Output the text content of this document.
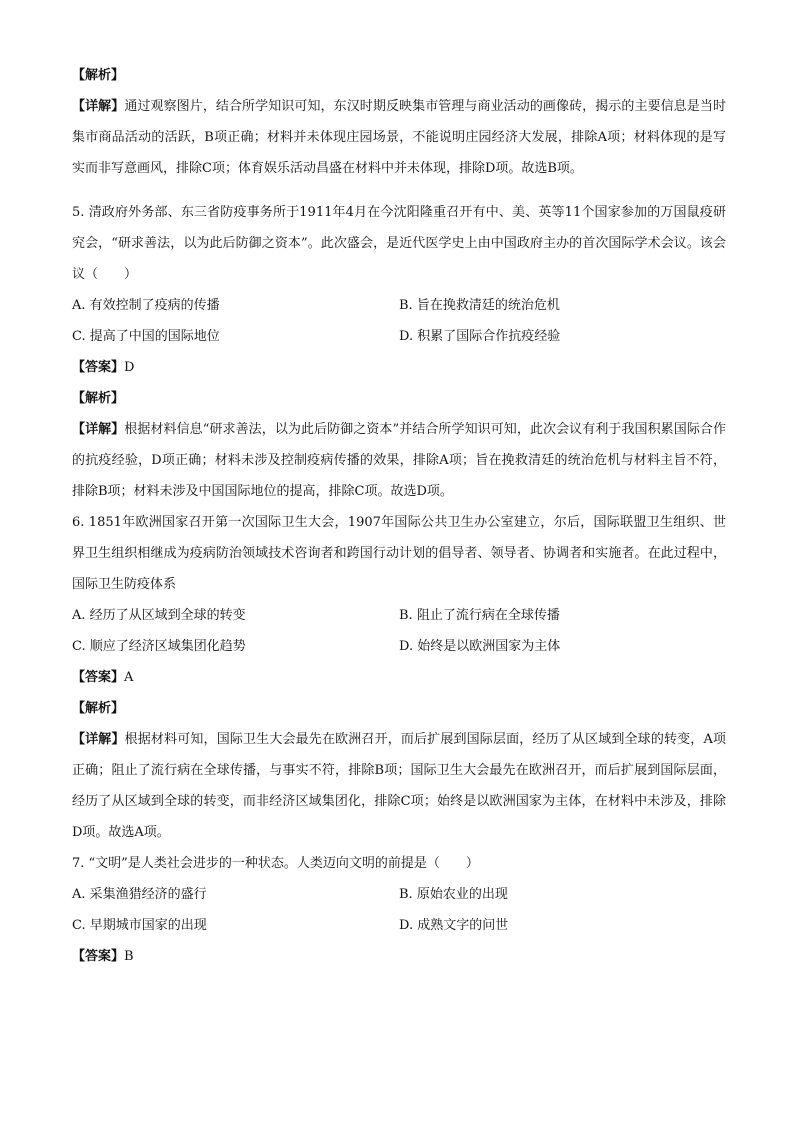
【解析】
【详解】通过观察图片，结合所学知识可知，东汉时期反映集市管理与商业活动的画像砖，揭示的主要信息是当时集市商品活动的活跃，B项正确；材料并未体现庄园场景，不能说明庄园经济大发展，排除A项；材料体现的是写实而非写意画风，排除C项；体育娱乐活动昌盛在材料中并未体现，排除D项。故选B项。
5. 清政府外务部、东三省防疫事务所于1911年4月在今沈阳隆重召开有中、美、英等11个国家参加的万国鼠疫研究会，“研求善法，以为此后防御之资本”。此次盛会，是近代医学史上由中国政府主办的首次国际学术会议。该会议（　　）
A. 有效控制了疫病的传播	B. 旨在挽救清廷的统治危机
C. 提高了中国的国际地位	D. 积累了国际合作抗疫经验
【答案】D
【解析】
【详解】根据材料信息“研求善法，以为此后防御之资本”并结合所学知识可知，此次会议有利于我国积累国际合作的抗疫经验，D项正确；材料未涉及控制疫病传播的效果，排除A项；旨在挽救清廷的统治危机与材料主旨不符，排除B项；材料未涉及中国国际地位的提高，排除C项。故选D项。
6. 1851年欧洲国家召开第一次国际卫生大会，1907年国际公共卫生办公室建立，尔后，国际联盟卫生组织、世界卫生组织相继成为疫病防治领域技术咨询者和跨国行动计划的倡导者、领导者、协调者和实施者。在此过程中，国际卫生防疫体系
A. 经历了从区域到全球的转变	B. 阻止了流行病在全球传播
C. 顺应了经济区域集团化趋势	D. 始终是以欧洲国家为主体
【答案】A
【解析】
【详解】根据材料可知，国际卫生大会最先在欧洲召开，而后扩展到国际层面，经历了从区域到全球的转变，A项正确；阻止了流行病在全球传播，与事实不符，排除B项；国际卫生大会最先在欧洲召开，而后扩展到国际层面，经历了从区域到全球的转变，而非经济区域集团化，排除C项；始终是以欧洲国家为主体，在材料中未涉及，排除D项。故选A项。
7. “文明”是人类社会进步的一种状态。人类迈向文明的前提是（　　）
A. 采集渔猎经济的盛行	B. 原始农业的出现
C. 早期城市国家的出现	D. 成熟文字的问世
【答案】B
